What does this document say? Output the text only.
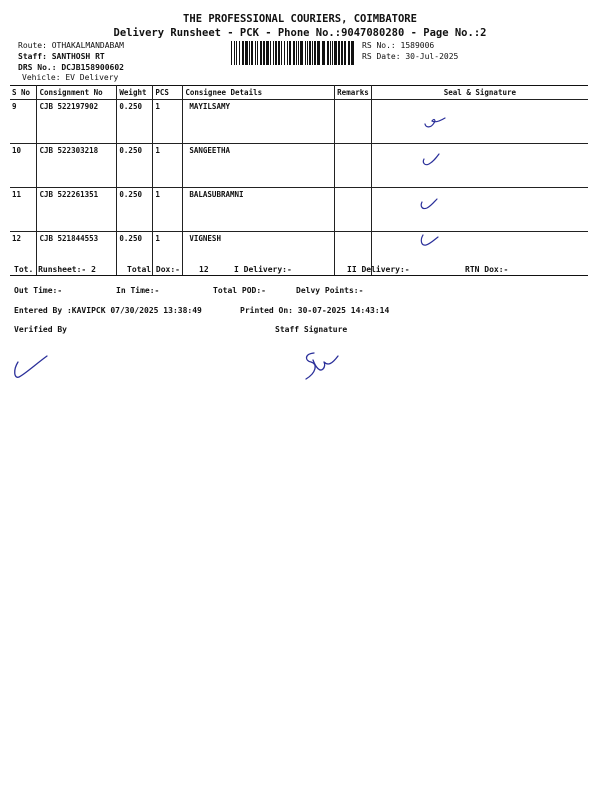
THE PROFESSIONAL COURIERS, COIMBATORE
Delivery Runsheet - PCK - Phone No.:9047080280 - Page No.:2
Route: OTHAKALMANDABAM
Staff: SANTHOSH RT
DRS No.: DCJB158900602
Vehicle: EV Delivery
RS No.: 1589006
RS Date: 30-Jul-2025
S No	Consignment No	Weight	PCS	Consignee Details	Remarks	Seal & Signature
9	CJB 522197902	0.250	1	MAYILSAMY		
10	CJB 522303218	0.250	1	SANGEETHA		
11	CJB 522261351	0.250	1	BALASUBRAMNI		
12	CJB 521844553	0.250	1	VIGNESH		
Tot. Runsheet:- 2	Total Dox:- 12	I Delivery:-	II Delivery:-	RTN Dox:-
Out Time:-	In Time:-	Total POD:-	Delvy Points:-
Entered By :KAVIPCK 07/30/2025 13:38:49	Printed On: 30-07-2025 14:43:14
Verified By	Staff Signature
